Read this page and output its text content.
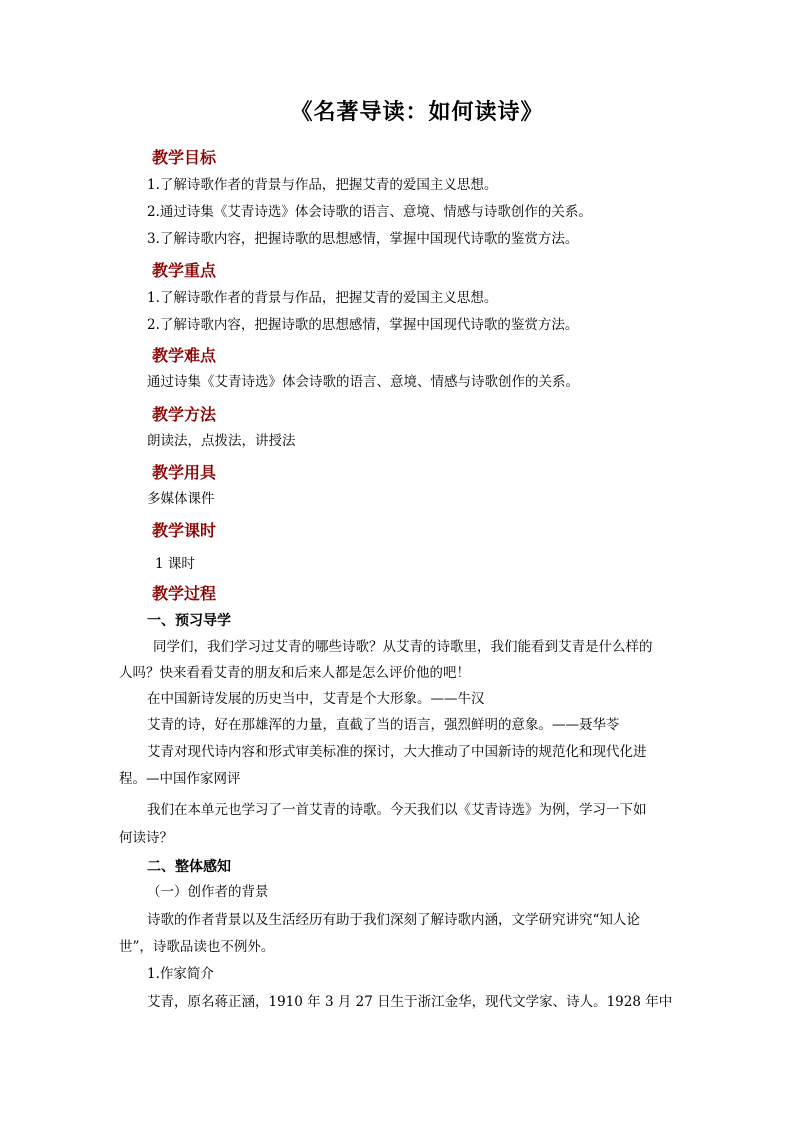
《名著导读：如何读诗》
教学目标
1.了解诗歌作者的背景与作品，把握艾青的爱国主义思想。
2.通过诗集《艾青诗选》体会诗歌的语言、意境、情感与诗歌创作的关系。
3.了解诗歌内容，把握诗歌的思想感情，掌握中国现代诗歌的鉴赏方法。
教学重点
1.了解诗歌作者的背景与作品，把握艾青的爱国主义思想。
2.了解诗歌内容，把握诗歌的思想感情，掌握中国现代诗歌的鉴赏方法。
教学难点
通过诗集《艾青诗选》体会诗歌的语言、意境、情感与诗歌创作的关系。
教学方法
朗读法，点拨法，讲授法
教学用具
多媒体课件
教学课时
1 课时
教学过程
一、预习导学
同学们，我们学习过艾青的哪些诗歌？从艾青的诗歌里，我们能看到艾青是什么样的
人吗？快来看看艾青的朋友和后来人都是怎么评价他的吧！
在中国新诗发展的历史当中，艾青是个大形象。——牛汉
艾青的诗，好在那雄浑的力量，直截了当的语言，强烈鲜明的意象。——聂华苓
艾青对现代诗内容和形式审美标准的探讨，大大推动了中国新诗的规范化和现代化进
程。—中国作家网评
我们在本单元也学习了一首艾青的诗歌。今天我们以《艾青诗选》为例，学习一下如
何读诗？
二、整体感知
（一）创作者的背景
诗歌的作者背景以及生活经历有助于我们深刻了解诗歌内涵，文学研究讲究“知人论
世”，诗歌品读也不例外。
1.作家简介
艾青，原名蒋正涵，1910 年 3 月 27 日生于浙江金华，现代文学家、诗人。1928 年中
